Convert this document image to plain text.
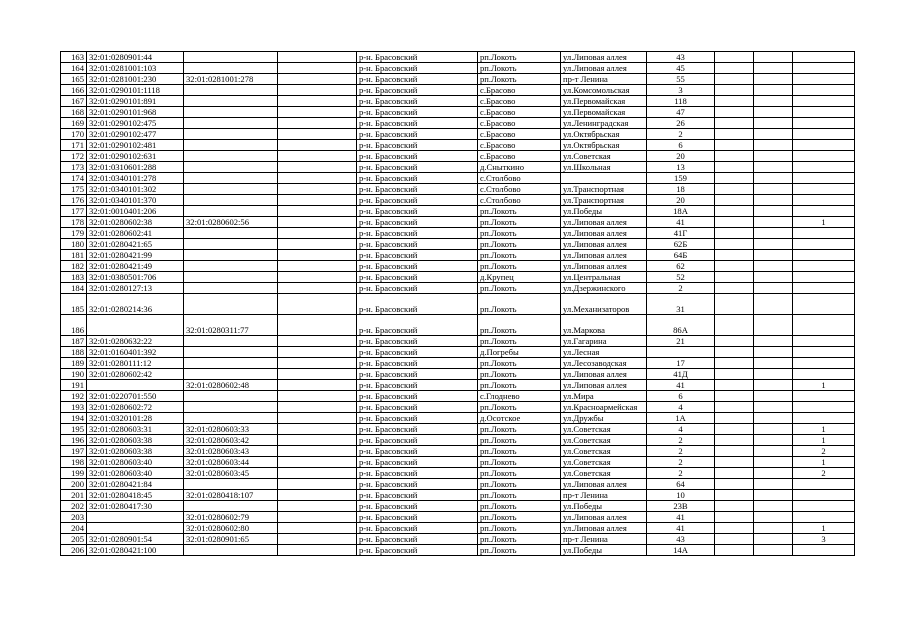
163	32:01:0280901:44			р-н. Брасовский	рп.Локоть	ул.Липовая аллея	43			
164	32:01:0281001:103			р-н. Брасовский	рп.Локоть	ул.Липовая аллея	45			
165	32:01:0281001:230	32:01:0281001:278		р-н. Брасовский	рп.Локоть	пр-т Ленина	55			
166	32:01:0290101:1118			р-н. Брасовский	с.Брасово	ул.Комсомольская	3			
167	32:01:0290101:891			р-н. Брасовский	с.Брасово	ул.Первомайская	118			
168	32:01:0290101:968			р-н. Брасовский	с.Брасово	ул.Первомайская	47			
169	32:01:0290102:475			р-н. Брасовский	с.Брасово	ул.Ленинградская	26			
170	32:01:0290102:477			р-н. Брасовский	с.Брасово	ул.Октябрьская	2			
171	32:01:0290102:481			р-н. Брасовский	с.Брасово	ул.Октябрьская	6			
172	32:01:0290102:631			р-н. Брасовский	с.Брасово	ул.Советская	20			
173	32:01:0310601:288			р-н. Брасовский	д.Сныткино	ул.Школьная	13			
174	32:01:0340101:278			р-н. Брасовский	с.Столбово		159			
175	32:01:0340101:302			р-н. Брасовский	с.Столбово	ул.Транспортная	18			
176	32:01:0340101:370			р-н. Брасовский	с.Столбово	ул.Транспортная	20			
177	32:01:0010401:206			р-н. Брасовский	рп.Локоть	ул.Победы	18А			
178	32:01:0280602:38	32:01:0280602:56		р-н. Брасовский	рп.Локоть	ул.Липовая аллея	41			1
179	32:01:0280602:41			р-н. Брасовский	рп.Локоть	ул.Липовая аллея	41Г			
180	32:01:0280421:65			р-н. Брасовский	рп.Локоть	ул.Липовая аллея	62Б			
181	32:01:0280421:99			р-н. Брасовский	рп.Локоть	ул.Липовая аллея	64Б			
182	32:01:0280421:49			р-н. Брасовский	рп.Локоть	ул.Липовая аллея	62			
183	32:01:0380501:706			р-н. Брасовский	д.Крупец	ул.Центральная	52			
184	32:01:0280127:13			р-н. Брасовский	рп.Локоть	ул.Дзержинского	2			
185	32:01:0280214:36			р-н. Брасовский	рп.Локоть	ул.Механизаторов	31			
186		32:01:0280311:77		р-н. Брасовский	рп.Локоть	ул.Маркова	86А			
187	32:01:0280632:22			р-н. Брасовский	рп.Локоть	ул.Гагарина	21			
188	32:01:0160401:392			р-н. Брасовский	д.Погребы	ул.Лесная				
189	32:01:0280111:12			р-н. Брасовский	рп.Локоть	ул.Лесозаводская	17			
190	32:01:0280602:42			р-н. Брасовский	рп.Локоть	ул.Липовая аллея	41Д			
191		32:01:0280602:48		р-н. Брасовский	рп.Локоть	ул.Липовая аллея	41			1
192	32:01:0220701:550			р-н. Брасовский	с.Глоднево	ул.Мира	6			
193	32:01:0280602:72			р-н. Брасовский	рп.Локоть	ул.Красноармейская	4			
194	32:01:0320101:28			р-н. Брасовский	д.Осотское	ул.Дружбы	1А			
195	32:01:0280603:31	32:01:0280603:33		р-н. Брасовский	рп.Локоть	ул.Советская	4			1
196	32:01:0280603:38	32:01:0280603:42		р-н. Брасовский	рп.Локоть	ул.Советская	2			1
197	32:01:0280603:38	32:01:0280603:43		р-н. Брасовский	рп.Локоть	ул.Советская	2			2
198	32:01:0280603:40	32:01:0280603:44		р-н. Брасовский	рп.Локоть	ул.Советская	2			1
199	32:01:0280603:40	32:01:0280603:45		р-н. Брасовский	рп.Локоть	ул.Советская	2			2
200	32:01:0280421:84			р-н. Брасовский	рп.Локоть	ул.Липовая аллея	64			
201	32:01:0280418:45	32:01:0280418:107		р-н. Брасовский	рп.Локоть	пр-т Ленина	10			
202	32:01:0280417:30			р-н. Брасовский	рп.Локоть	ул.Победы	23В			
203		32:01:0280602:79		р-н. Брасовский	рп.Локоть	ул.Липовая аллея	41			
204		32:01:0280602:80		р-н. Брасовский	рп.Локоть	ул.Липовая аллея	41			1
205	32:01:0280901:54	32:01:0280901:65		р-н. Брасовский	рп.Локоть	пр-т Ленина	43			3
206	32:01:0280421:100			р-н. Брасовский	рп.Локоть	ул.Победы	14А			
